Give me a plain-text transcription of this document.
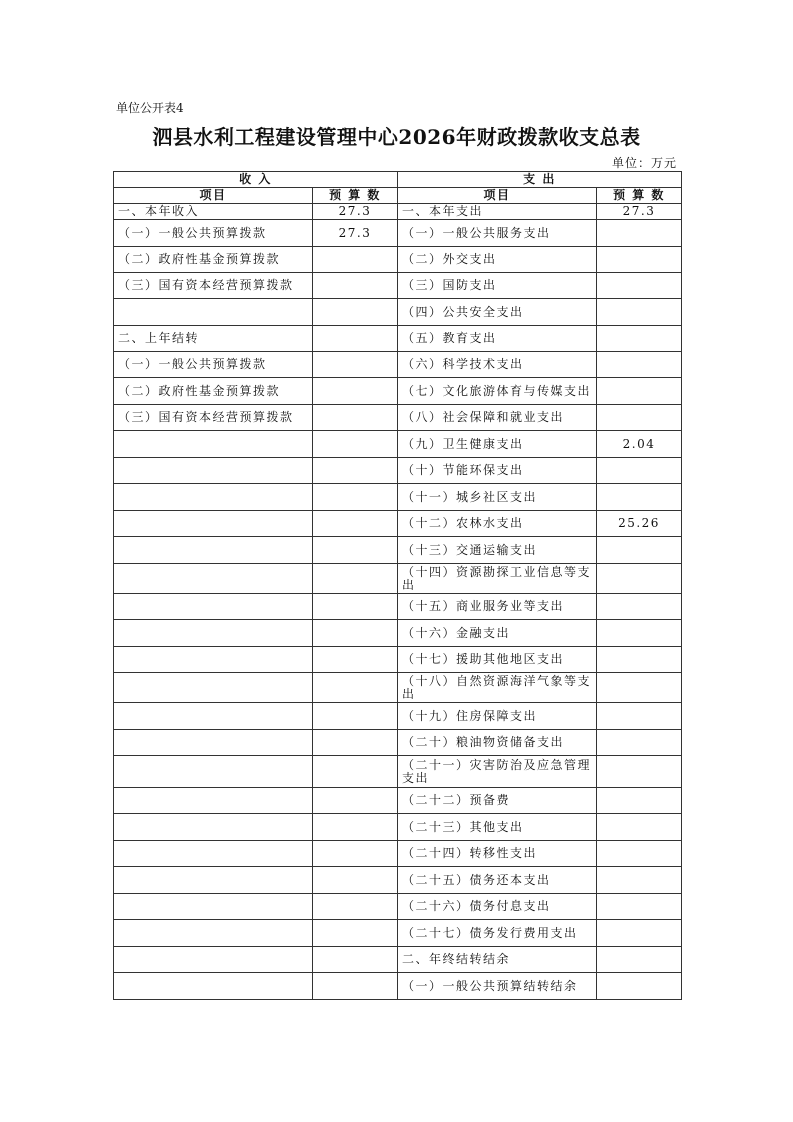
单位公开表4
泗县水利工程建设管理中心2026年财政拨款收支总表
单位：万元
收 入		支 出	
项目	预 算 数	项目	预 算 数
一、本年收入	27.3	一、本年支出	27.3
（一）一般公共预算拨款	27.3	（一）一般公共服务支出	
（二）政府性基金预算拨款		（二）外交支出	
（三）国有资本经营预算拨款		（三）国防支出	
		（四）公共安全支出	
二、上年结转		（五）教育支出	
（一）一般公共预算拨款		（六）科学技术支出	
（二）政府性基金预算拨款		（七）文化旅游体育与传媒支出	
（三）国有资本经营预算拨款		（八）社会保障和就业支出	
		（九）卫生健康支出	2.04
		（十）节能环保支出	
		（十一）城乡社区支出	
		（十二）农林水支出	25.26
		（十三）交通运输支出	
		（十四）资源勘探工业信息等支出	
		（十五）商业服务业等支出	
		（十六）金融支出	
		（十七）援助其他地区支出	
		（十八）自然资源海洋气象等支出	
		（十九）住房保障支出	
		（二十）粮油物资储备支出	
		（二十一）灾害防治及应急管理支出	
		（二十二）预备费	
		（二十三）其他支出	
		（二十四）转移性支出	
		（二十五）债务还本支出	
		（二十六）债务付息支出	
		（二十七）债务发行费用支出	
		二、年终结转结余	
		（一）一般公共预算结转结余	
